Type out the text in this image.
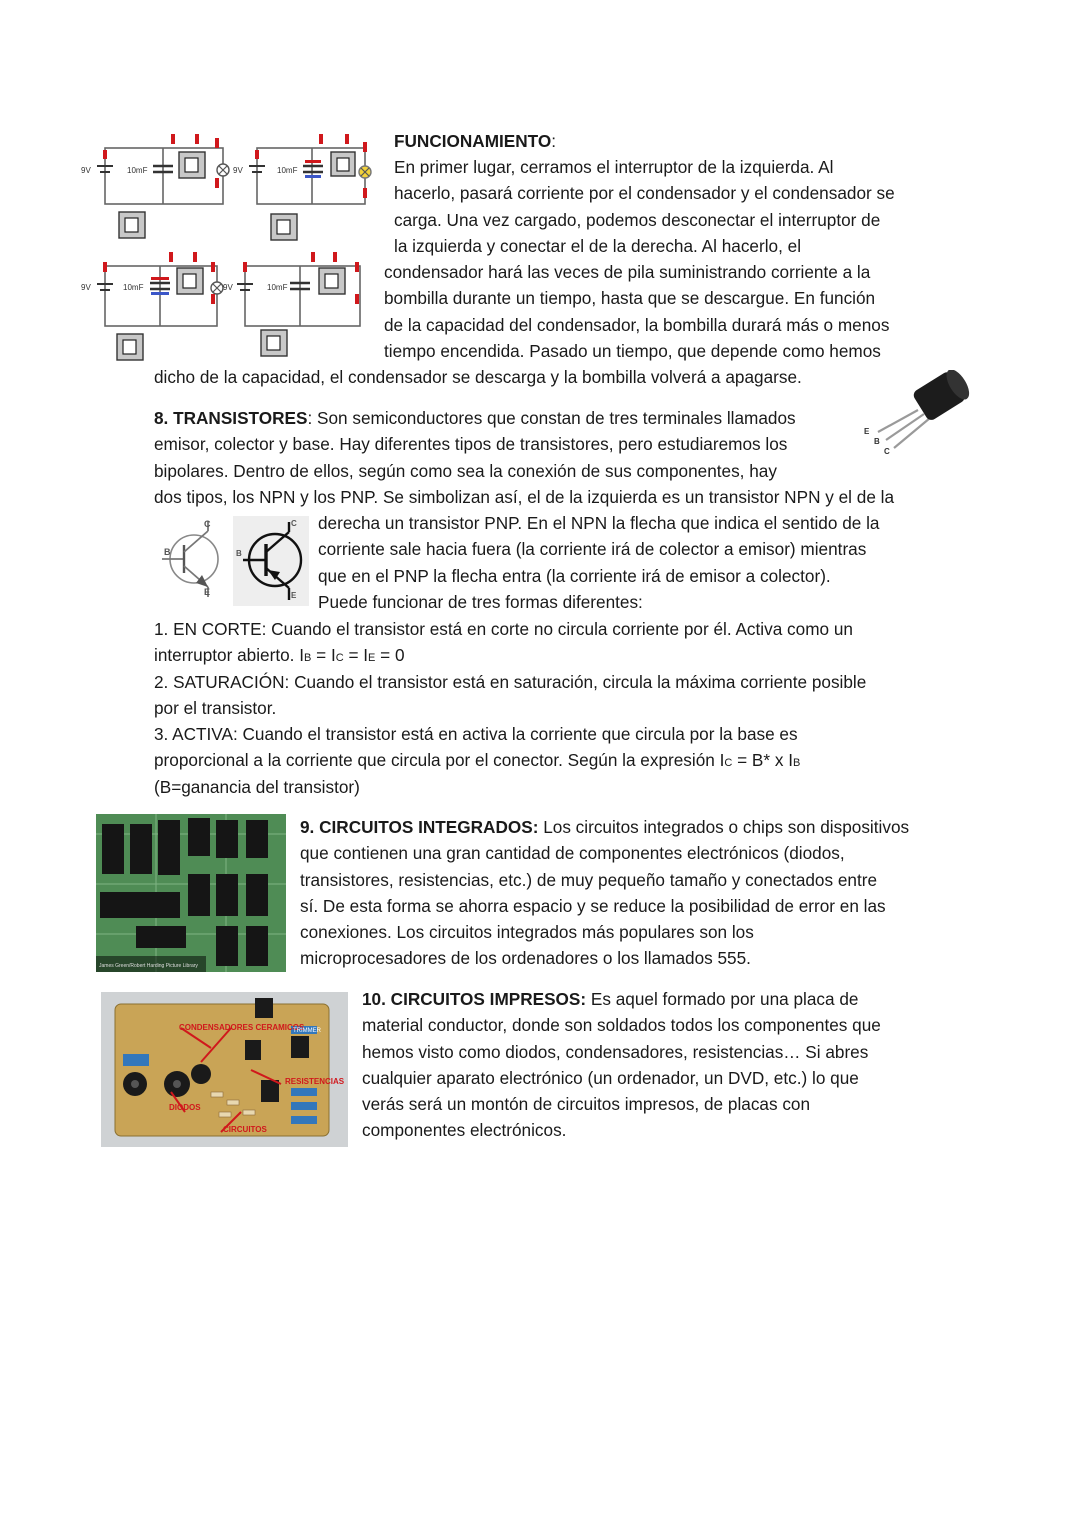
9V	10mF	9V	10mF
9V	10mF	9V	10mF
FUNCIONAMIENTO:
En primer lugar, cerramos el interruptor de la izquierda. Al
hacerlo, pasará corriente por el condensador y el condensador se
carga. Una vez cargado, podemos desconectar el interruptor de
la izquierda y conectar el de la derecha. Al hacerlo, el
condensador hará las veces de pila suministrando corriente a la
bombilla durante un tiempo, hasta que se descargue. En función
de la capacidad del condensador, la bombilla durará más o menos
tiempo encendida. Pasado un tiempo, que depende como hemos
dicho de la capacidad, el condensador se descarga y la bombilla volverá a apagarse.
E
B
C
8. TRANSISTORES: Son semiconductores que constan de tres terminales llamados
emisor, colector y base. Hay diferentes tipos de transistores, pero estudiaremos los
bipolares. Dentro de ellos, según como sea la conexión de sus componentes, hay
dos tipos, los NPN y los PNP. Se simbolizan así, el de la izquierda es un transistor NPN y el de la
C
B
E
C
B
E
derecha un transistor PNP. En el NPN la flecha que indica el sentido de la
corriente sale hacia fuera (la corriente irá de colector a emisor) mientras
que en el PNP la flecha entra (la corriente irá de emisor a colector).
Puede funcionar de tres formas diferentes:
1. EN CORTE: Cuando el transistor está en corte no circula corriente por él. Activa como un
interruptor abierto. IB = IC = IE = 0
2. SATURACIÓN: Cuando el transistor está en saturación, circula la máxima corriente posible
por el transistor.
3. ACTIVA: Cuando el transistor está en activa la corriente que circula por la base es
proporcional a la corriente que circula por el conector. Según la expresión IC = B* x IB
(B=ganancia del transistor)
James Green/Robert Harding Picture Library
9. CIRCUITOS INTEGRADOS: Los circuitos integrados o chips son dispositivos
que contienen una gran cantidad de componentes electrónicos (diodos,
transistores, resistencias, etc.) de muy pequeño tamaño y conectados entre
sí. De esta forma se ahorra espacio y se reduce la posibilidad de error en las
conexiones. Los circuitos integrados más populares son los
microprocesadores de los ordenadores o los llamados 555.
CONDENSADORES CERAMICOS
RESISTENCIAS
DIODOS
CIRCUITOS
TRIMMER
10. CIRCUITOS IMPRESOS: Es aquel formado por una placa de
material conductor, donde son soldados todos los componentes que
hemos visto como diodos, condensadores, resistencias… Si abres
cualquier aparato electrónico (un ordenador, un DVD, etc.) lo que
verás será un montón de circuitos impresos, de placas con
componentes electrónicos.
